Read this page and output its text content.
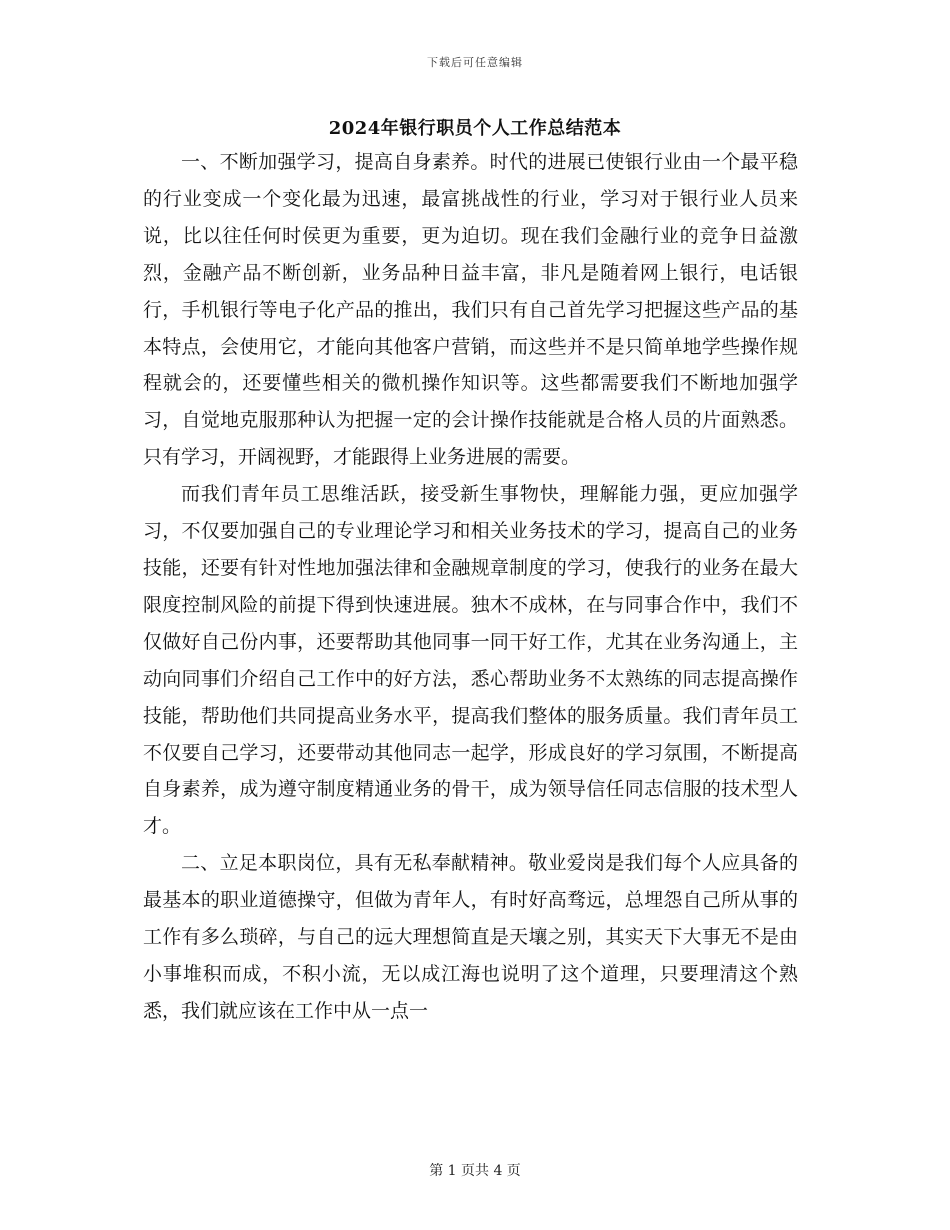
下载后可任意编辑
2024年银行职员个人工作总结范本

一、不断加强学习，提高自身素养。时代的进展已使银行业由一个最平稳的行业变成一个变化最为迅速，最富挑战性的行业，学习对于银行业人员来说，比以往任何时侯更为重要，更为迫切。现在我们金融行业的竞争日益激烈，金融产品不断创新，业务品种日益丰富，非凡是随着网上银行，电话银行，手机银行等电子化产品的推出，我们只有自己首先学习把握这些产品的基本特点，会使用它，才能向其他客户营销，而这些并不是只简单地学些操作规程就会的，还要懂些相关的微机操作知识等。这些都需要我们不断地加强学习，自觉地克服那种认为把握一定的会计操作技能就是合格人员的片面熟悉。只有学习，开阔视野，才能跟得上业务进展的需要。

而我们青年员工思维活跃，接受新生事物快，理解能力强，更应加强学习，不仅要加强自己的专业理论学习和相关业务技术的学习，提高自己的业务技能，还要有针对性地加强法律和金融规章制度的学习，使我行的业务在最大限度控制风险的前提下得到快速进展。独木不成林，在与同事合作中，我们不仅做好自己份内事，还要帮助其他同事一同干好工作，尤其在业务沟通上，主动向同事们介绍自己工作中的好方法，悉心帮助业务不太熟练的同志提高操作技能，帮助他们共同提高业务水平，提高我们整体的服务质量。我们青年员工不仅要自己学习，还要带动其他同志一起学，形成良好的学习氛围，不断提高自身素养，成为遵守制度精通业务的骨干，成为领导信任同志信服的技术型人才。

二、立足本职岗位，具有无私奉献精神。敬业爱岗是我们每个人应具备的最基本的职业道德操守，但做为青年人，有时好高骛远，总埋怨自己所从事的工作有多么琐碎，与自己的远大理想简直是天壤之别，其实天下大事无不是由小事堆积而成，不积小流，无以成江海也说明了这个道理，只要理清这个熟悉，我们就应该在工作中从一点一

第 1 页共 4 页
